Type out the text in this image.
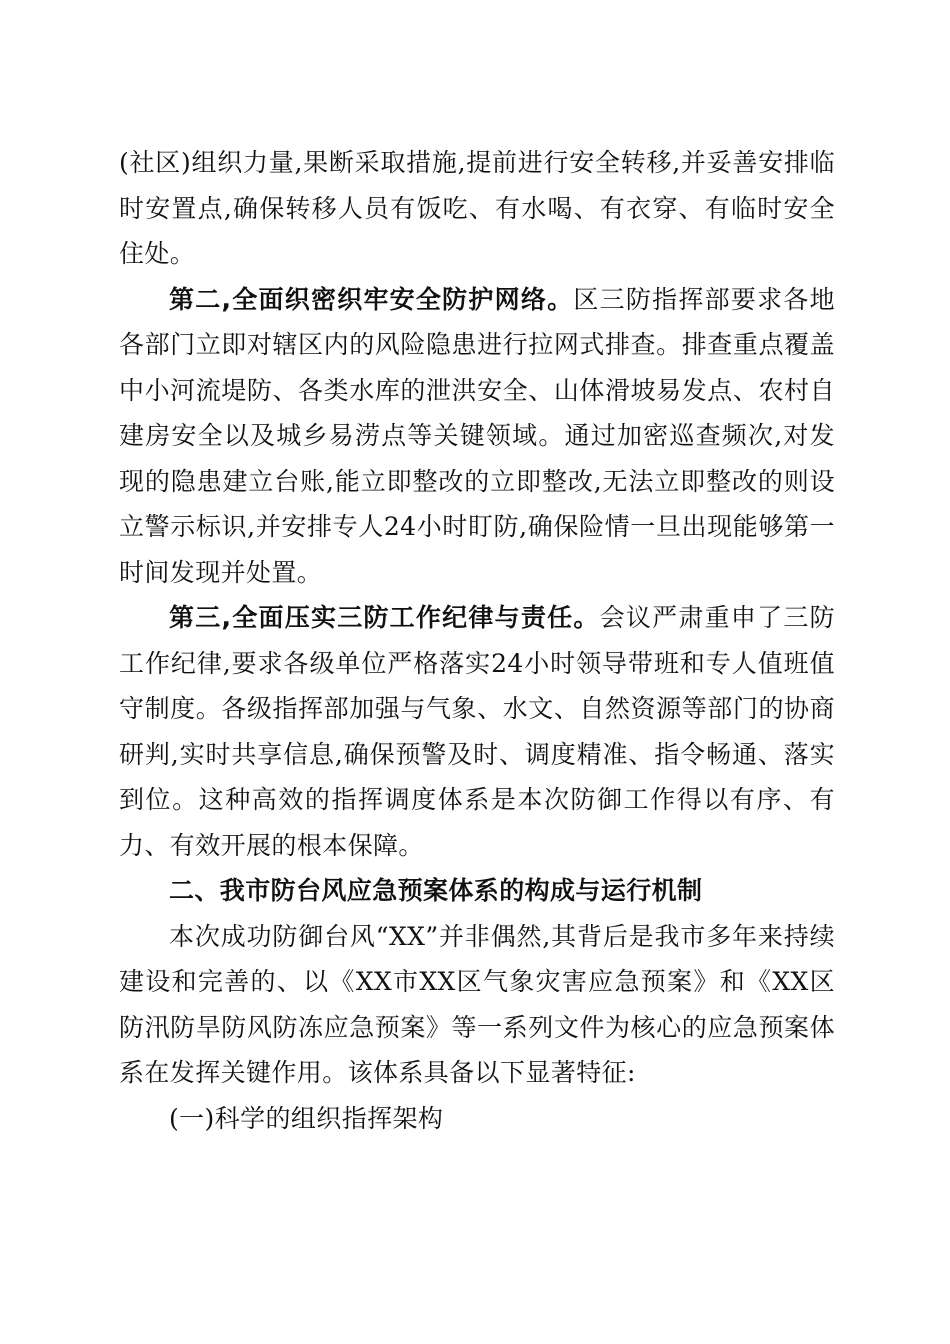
(社区)组织力量,果断采取措施,提前进行安全转移,并妥善安排临时安置点,确保转移人员有饭吃、有水喝、有衣穿、有临时安全住处。

第二,全面织密织牢安全防护网络。区三防指挥部要求各地各部门立即对辖区内的风险隐患进行拉网式排查。排查重点覆盖中小河流堤防、各类水库的泄洪安全、山体滑坡易发点、农村自建房安全以及城乡易涝点等关键领域。通过加密巡查频次,对发现的隐患建立台账,能立即整改的立即整改,无法立即整改的则设立警示标识,并安排专人24小时盯防,确保险情一旦出现能够第一时间发现并处置。

第三,全面压实三防工作纪律与责任。会议严肃重申了三防工作纪律,要求各级单位严格落实24小时领导带班和专人值班值守制度。各级指挥部加强与气象、水文、自然资源等部门的协商研判,实时共享信息,确保预警及时、调度精准、指令畅通、落实到位。这种高效的指挥调度体系是本次防御工作得以有序、有力、有效开展的根本保障。

二、我市防台风应急预案体系的构成与运行机制

本次成功防御台风“XX”并非偶然,其背后是我市多年来持续建设和完善的、以《XX市XX区气象灾害应急预案》和《XX区防汛防旱防风防冻应急预案》等一系列文件为核心的应急预案体系在发挥关键作用。该体系具备以下显著特征:

(一)科学的组织指挥架构
